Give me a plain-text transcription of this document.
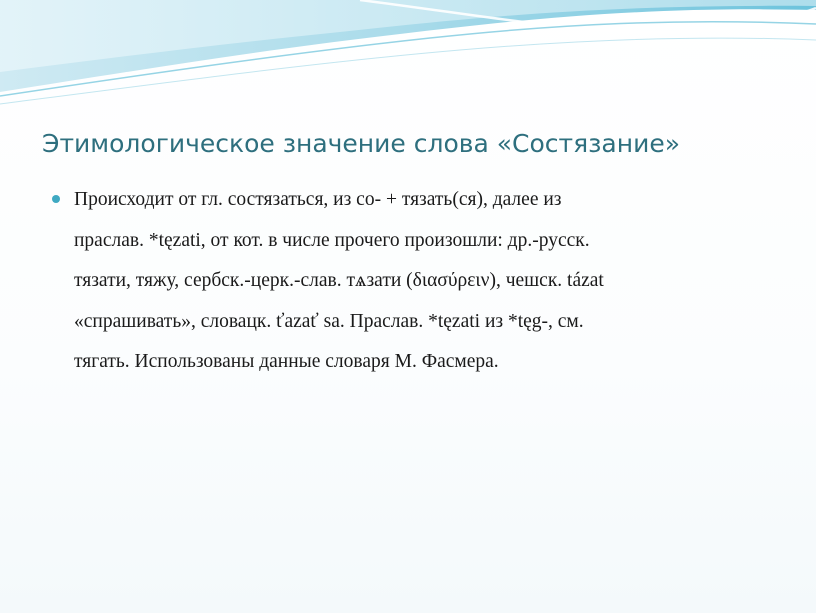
Этимологическое значение слова «Состязание»
Происходит от гл. состязаться, из со- + тязать(ся), далее из
праслав. *tęzati, от кот. в числе прочего произошли: др.-русск.
тязати, тяжу, сербск.-церк.-слав. тѧзати (διασύρειν), чешск. tázat
«спрашивать», словацк. ťazať sa. Праслав. *tęzati из *tęg-, см.
тягать. Использованы данные словаря М. Фасмера.
